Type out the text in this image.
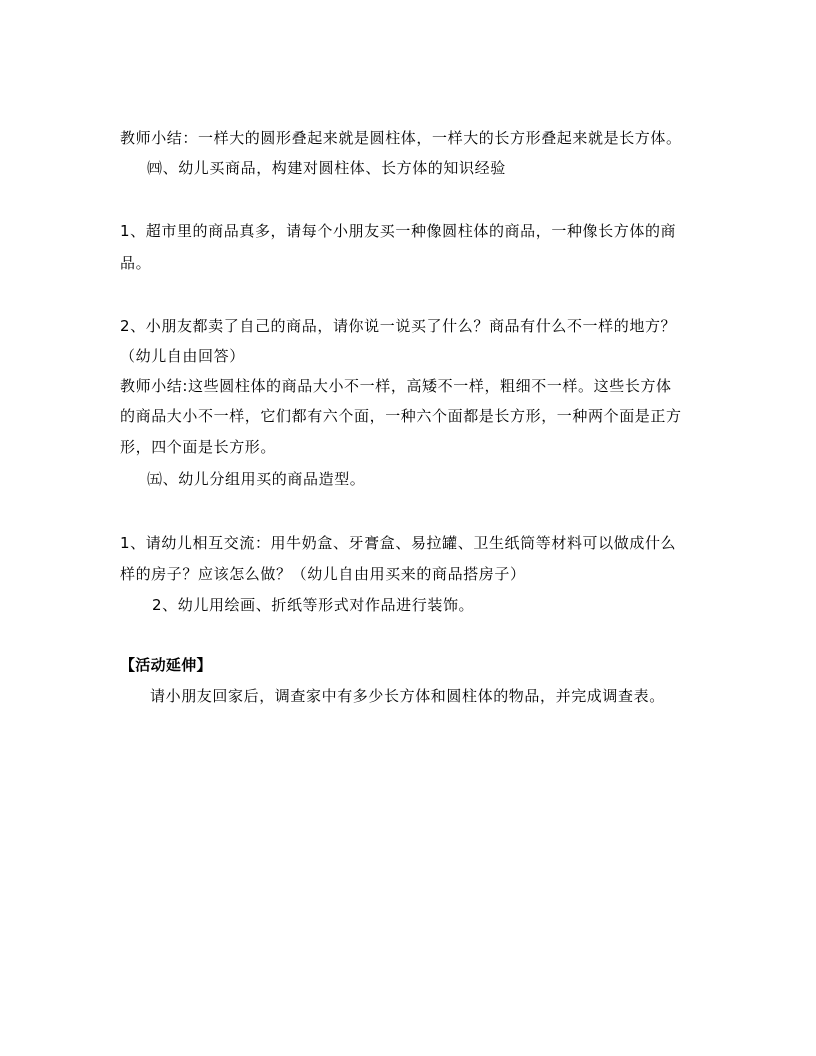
教师小结：一样大的圆形叠起来就是圆柱体，一样大的长方形叠起来就是长方体。
㈣、幼儿买商品，构建对圆柱体、长方体的知识经验
1、超市里的商品真多，请每个小朋友买一种像圆柱体的商品，一种像长方体的商
品。
2、小朋友都卖了自己的商品，请你说一说买了什么？商品有什么不一样的地方？
（幼儿自由回答）
教师小结:这些圆柱体的商品大小不一样，高矮不一样，粗细不一样。这些长方体
的商品大小不一样，它们都有六个面，一种六个面都是长方形，一种两个面是正方
形，四个面是长方形。
㈤、幼儿分组用买的商品造型。
1、请幼儿相互交流：用牛奶盒、牙膏盒、易拉罐、卫生纸筒等材料可以做成什么
样的房子？应该怎么做？（幼儿自由用买来的商品搭房子）
2、幼儿用绘画、折纸等形式对作品进行装饰。
【活动延伸】
请小朋友回家后，调查家中有多少长方体和圆柱体的物品，并完成调查表。
